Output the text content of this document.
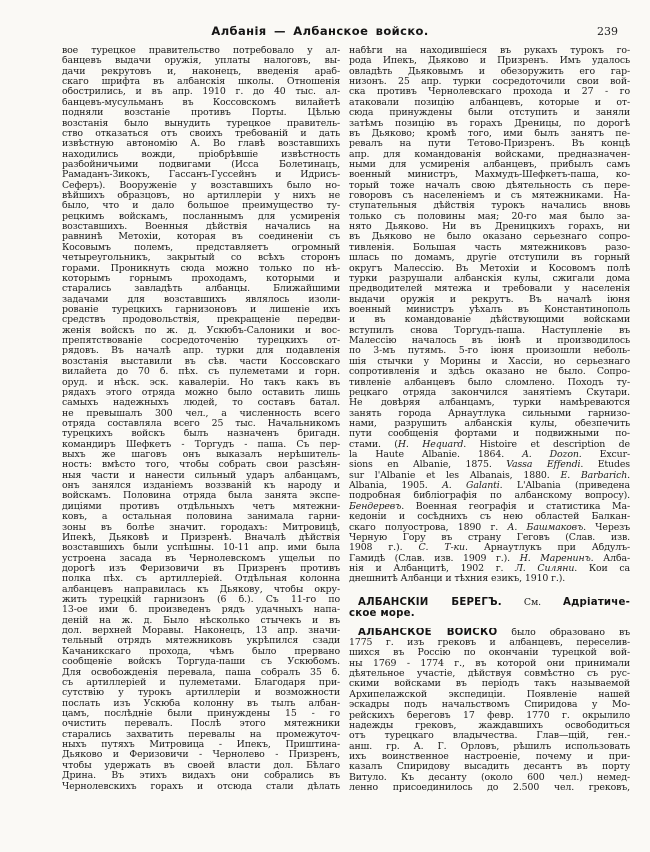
Албанія — Албанское войско.	239
вое турецкое правительство потребовало у ал-
банцевъ выдачи оружія, уплаты налоговъ, вы-
дачи рекрутовъ и, наконецъ, введенія араб-
скаго шрифта въ албанскія школы. Отношенія
обострились, и въ апр. 1910 г. до 40 тыс. ал-
банцевъ-мусульманъ въ Коссовскомъ вилайетѣ
подняли возстаніе противъ Порты. Цѣлью
возстанія было вынудить турецкое правитель-
ство отказаться отъ своихъ требованій и дать
извѣстную автономію А. Во главѣ возставшихъ
находились вожди, пріобрѣвшіе извѣстность
разбойничьими подвигами (Исса Болетинацъ,
Рамаданъ-Зикокъ, Гассанъ-Гуссейнъ и Идрисъ-
Сеферъ). Вооруженіе у возставшихъ было но-
вѣйшихъ образцовъ, но артиллеріи у нихъ не
было, что и дало большое преимущество ту-
рецкимъ войскамъ, посланнымъ для усмиренія
возставшихъ. Военныя дѣйствія начались на
равнинѣ Метохіи, которая въ соединеніи съ
Косовымъ полемъ, представляетъ огромный
четыреугольникъ, закрытый со всѣхъ сторонъ
горами. Проникнуть сюда можно только по нѣ-
которымъ горнымъ проходамъ, которыми и
старались завладѣть албанцы. Ближайшими
задачами для возставшихъ являлось изоли-
рованіе турецкихъ гарнизоновъ и лишеніе ихъ
средствъ продовольствія, прекращеніе передви-
женія войскъ по ж. д. Ускюбъ-Салоники и вос-
препятствованіе сосредоточенію турецкихъ от-
рядовъ. Въ началѣ апр. турки для подавленія
возстанія выставили въ сѣв. части Коссовскаго
вилайета до 70 б. пѣх. съ пулеметами и горн.
оруд. и нѣск. эск. кавалеріи. Но такъ какъ въ
рядахъ этого отряда можно было оставить лишь
самыхъ надежныхъ людей, то составъ батал.
не превышалъ 300 чел., а численность всего
отряда составляла всего 25 тыс. Начальникомъ
турецкихъ войскъ былъ назначенъ бригадн.
командиръ Шефкетъ - Торгудъ - паша. Съ пер-
выхъ же шаговъ онъ выказалъ нерѣшитель-
ность: вмѣсто того, чтобы собрать свои разсѣян-
ныя части и нанести сильный ударъ албанцамъ,
онъ занялся изданіемъ воззваній къ народу и
войскамъ. Половина отряда была занята экспе-
диціями противъ отдѣльныхъ четъ мятежни-
ковъ, а остальная половина занимала гарни-
зоны въ болѣе значит. городахъ: Митровицѣ,
Ипекѣ, Дьяковѣ и Призренѣ. Вначалѣ дѣйствія
возставшихъ были успѣшны. 10-11 апр. ими была
устроена засада въ Чернолевскомъ ущельи по
дорогѣ изъ Феризовичи въ Призренъ противъ
полка пѣх. съ артиллеріей. Отдѣльная колонна
албанцевъ направилась къ Дьякову, чтобы окру-
жить турецкій гарнизонъ (6 б.). Съ 11-го по
13-ое ими б. произведенъ рядъ удачныхъ напа-
деній на ж. д. Было нѣсколько стычекъ и въ
дол. верхней Моравы. Наконецъ, 13 апр. значи-
тельный отрядъ мятежниковъ укрѣпился сзади
Качаникскаго прохода, чѣмъ было прервано
сообщеніе войскъ Торгуда-паши съ Ускюбомъ.
Для освобожденія перевала, паша собралъ 35 б.
съ артиллеріей и пулеметами. Благодаря при-
сутствію у турокъ артиллеріи и возможности
послать изъ Ускюба колонну въ тылъ албан-
цамъ, послѣдніе были принуждены 15 - го
очистить перевалъ. Послѣ этого мятежники
старались захватить перевалы на промежуточ-
ныхъ путяхъ Митровица - Ипекъ, Приштина-
Дьяково и Феризовичи - Чернолево - Призренъ,
чтобы удержать въ своей власти дол. Бѣлаго
Дрина. Въ этихъ видахъ они собрались въ
Чернолевскихъ горахъ и отсюда стали дѣлать
набѣги на находившіеся въ рукахъ турокъ го-
рода Ипекъ, Дьяково и Призренъ. Имъ удалось
овладѣть Дьяковымъ и обезоружить его гар-
низонъ. 25 апр. турки сосредоточили свои вой-
ска противъ Чернолевскаго прохода и 27 - го
атаковали позицію албанцевъ, которые и от-
сюда принуждены были отступить и заняли
затѣмъ позицію въ горахъ Дреницы, по дорогѣ
въ Дьяково; кромѣ того, ими былъ занятъ пе-
ревалъ на пути Тетово-Призренъ. Въ концѣ
апр. для командованія войсками, предназначен-
ными для усмиренія албанцевъ, прибылъ самъ
военный министръ, Махмудъ-Шефкетъ-паша, ко-
торый тоже началъ свою дѣятельность съ пере-
говоровъ съ населеніемъ и съ мятежниками. На-
ступательныя дѣйствія турокъ начались вновь
только съ половины мая; 20-го мая было за-
нято Дьяково. Ни въ Дреницкихъ горахъ, ни
въ Дьяково не было оказано серьезнаго сопро-
тивленія. Большая часть мятежниковъ разо-
шлась по домамъ, другіе отступили въ горный
округъ Малессію. Въ Метохіи и Косовомъ полѣ
турки разрушали албанскія кулы, сжигали дома
предводителей мятежа и требовали у населенія
выдачи оружія и рекрутъ. Въ началѣ іюня
военный министръ уѣхалъ въ Константинополь
и въ командованіе дѣйствующими войсками
вступилъ снова Торгудъ-паша. Наступленіе въ
Малессію началось въ іюнѣ и производилось
по 3-мъ путямъ. 5-го іюня произошли неболь-
шія стычки у Морины и Хассіи, но серьезнаго
сопротивленія и здѣсь оказано не было. Сопро-
тивленіе албанцевъ было сломлено. Походъ ту-
рецкаго отряда закончился занятіемъ Скутари.
Не довѣряя албанцамъ, турки намѣреваются
занять города Арнаутлука сильными гарнизо-
нами, разрушить албанскія кулы, обезпечить
пути сообщенія фортами и подвижными по-
стами. (H. Hequard. Histoire et description de
la Haute Albanie. 1864. A. Dozon. Excur-
sions en Albanie, 1875. Vassa Effendi. Études
sur l'Albanie et les Albanais, 1880. E. Barbarich.
Albania, 1905. A. Galanti. L'Albania (приведена
подробная библіографія по албанскому вопросу).
Бендеревъ. Военная географія и статистика Ма-
кедоніи и сосѣднихъ съ нею областей Балкан-
скаго полуострова, 1890 г. А. Башмаковъ. Черезъ
Черную Гору въ страну Геговъ (Слав. изв.
1908 г.). С. Т-ки. Арнаутлукъ при Абдулъ-
Гамидѣ (Слав. изв. 1909 г.). Н. Маренинъ. Алба-
нія и Албанцитѣ, 1902 г. Л. Силяни. Кои са
днешнитѣ Албанци и тѣхния езикъ, 1910 г.).
АЛБАНСКІЙ БЕРЕГЪ. См. Адріатиче-
ское море.
АЛБАНСКОЕ ВОЙСКО было образовано въ
1775 г. изъ грековъ и албанцевъ, переселив-
шихся въ Россію по окончаніи турецкой вой-
ны 1769 - 1774 г., въ которой они принимали
дѣятельное участіе, дѣйствуя совмѣстно съ рус-
скими войсками въ періодъ такъ называемой
Архипелажской экспедиціи. Появленіе нашей
эскадры подъ начальствомъ Спиридова у Мо-
рейскихъ береговъ 17 февр. 1770 г. окрылило
надежды грековъ, жаждавшихъ освободиться
отъ турецкаго владычества. Глав—щій, ген.-
анш. гр. А. Г. Орловъ, рѣшилъ использовать
ихъ воинственное настроеніе, почему и при-
казалъ Спиридову высадить десантъ въ порту
Витуло. Къ десанту (около 600 чел.) немед-
ленно присоединилось до 2.500 чел. грековъ,
